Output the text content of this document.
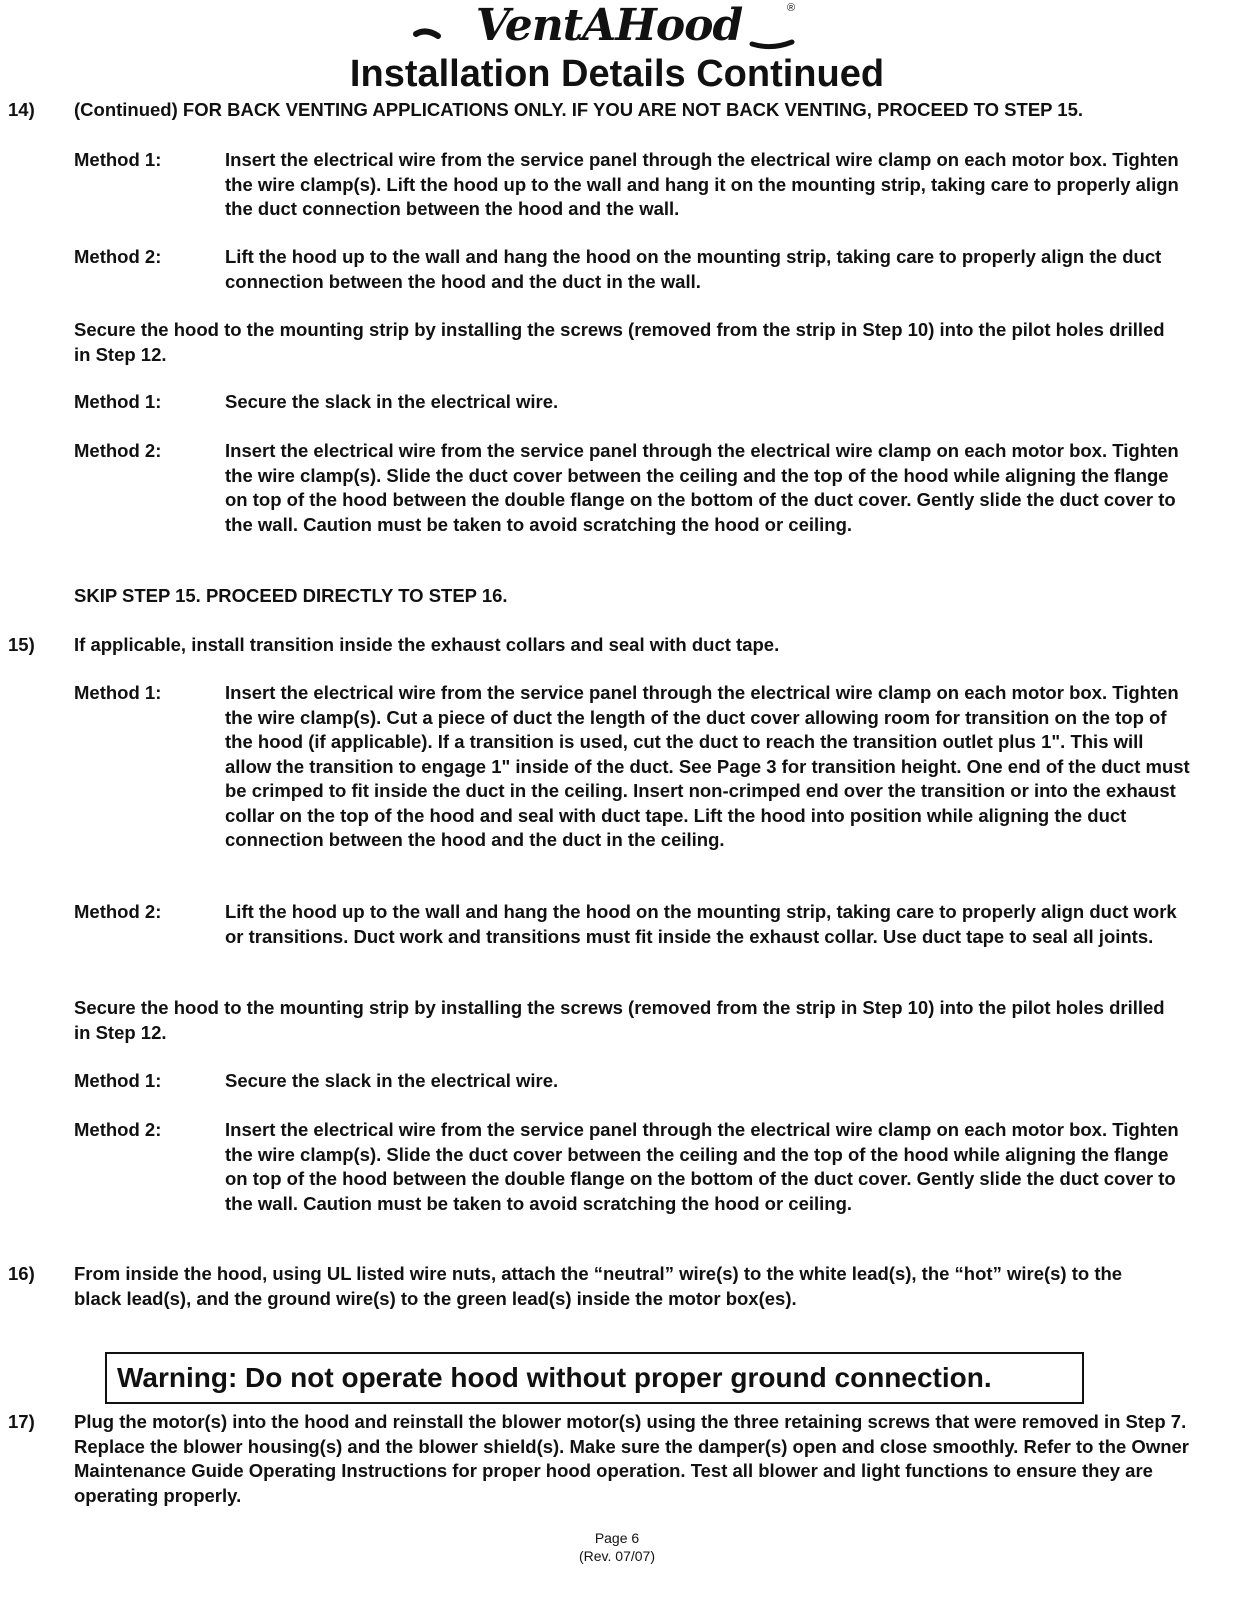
VentAHood	®
Installation Details Continued
14) (Continued) FOR BACK VENTING APPLICATIONS ONLY. IF YOU ARE NOT BACK VENTING, PROCEED TO STEP 15.
Method 1:	Insert the electrical wire from the service panel through the electrical wire clamp on each motor box. Tighten the wire clamp(s). Lift the hood up to the wall and hang it on the mounting strip, taking care to properly align the duct connection between the hood and the wall.
Method 2:	Lift the hood up to the wall and hang the hood on the mounting strip, taking care to properly align the duct connection between the hood and the duct in the wall.
Secure the hood to the mounting strip by installing the screws (removed from the strip in Step 10) into the pilot holes drilled in Step 12.
Method 1:	Secure the slack in the electrical wire.
Method 2:	Insert the electrical wire from the service panel through the electrical wire clamp on each motor box. Tighten the wire clamp(s). Slide the duct cover between the ceiling and the top of the hood while aligning the flange on top of the hood between the double flange on the bottom of the duct cover. Gently slide the duct cover to the wall. Caution must be taken to avoid scratching the hood or ceiling.
SKIP STEP 15. PROCEED DIRECTLY TO STEP 16.
15) If applicable, install transition inside the exhaust collars and seal with duct tape.
Method 1:	Insert the electrical wire from the service panel through the electrical wire clamp on each motor box. Tighten the wire clamp(s). Cut a piece of duct the length of the duct cover allowing room for transition on the top of the hood (if applicable). If a transition is used, cut the duct to reach the transition outlet plus 1". This will allow the transition to engage 1" inside of the duct. See Page 3 for transition height. One end of the duct must be crimped to fit inside the duct in the ceiling. Insert non-crimped end over the transition or into the exhaust collar on the top of the hood and seal with duct tape. Lift the hood into position while aligning the duct connection between the hood and the duct in the ceiling.
Method 2:	Lift the hood up to the wall and hang the hood on the mounting strip, taking care to properly align duct work or transitions. Duct work and transitions must fit inside the exhaust collar. Use duct tape to seal all joints.
Secure the hood to the mounting strip by installing the screws (removed from the strip in Step 10) into the pilot holes drilled in Step 12.
Method 1:	Secure the slack in the electrical wire.
Method 2:	Insert the electrical wire from the service panel through the electrical wire clamp on each motor box. Tighten the wire clamp(s). Slide the duct cover between the ceiling and the top of the hood while aligning the flange on top of the hood between the double flange on the bottom of the duct cover. Gently slide the duct cover to the wall. Caution must be taken to avoid scratching the hood or ceiling.
16) From inside the hood, using UL listed wire nuts, attach the “neutral” wire(s) to the white lead(s), the “hot” wire(s) to the black lead(s), and the ground wire(s) to the green lead(s) inside the motor box(es).
Warning: Do not operate hood without proper ground connection.
17) Plug the motor(s) into the hood and reinstall the blower motor(s) using the three retaining screws that were removed in Step 7. Replace the blower housing(s) and the blower shield(s). Make sure the damper(s) open and close smoothly. Refer to the Owner Maintenance Guide Operating Instructions for proper hood operation. Test all blower and light functions to ensure they are operating properly.
Page 6
(Rev. 07/07)
